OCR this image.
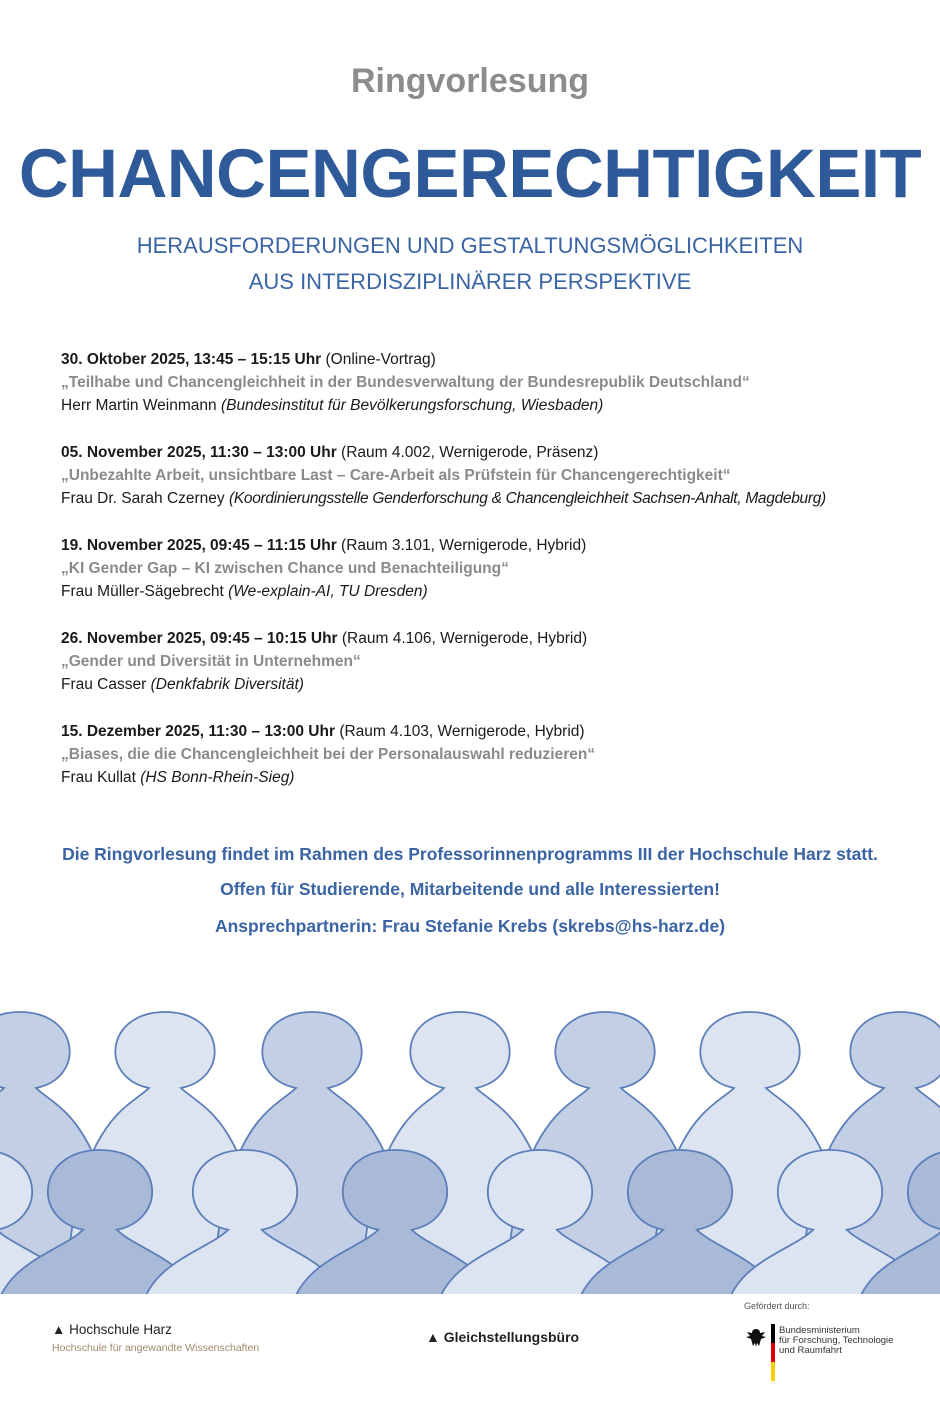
Ringvorlesung
CHANCENGERECHTIGKEIT
HERAUSFORDERUNGEN UND GESTALTUNGSMÖGLICHKEITEN
AUS INTERDISZIPLINÄRER PERSPEKTIVE
30. Oktober 2025, 13:45 – 15:15 Uhr (Online-Vortrag)
„Teilhabe und Chancengleichheit in der Bundesverwaltung der Bundesrepublik Deutschland“
Herr Martin Weinmann (Bundesinstitut für Bevölkerungsforschung, Wiesbaden)
05. November 2025, 11:30 – 13:00 Uhr (Raum 4.002, Wernigerode, Präsenz)
„Unbezahlte Arbeit, unsichtbare Last – Care-Arbeit als Prüfstein für Chancengerechtigkeit“
Frau Dr. Sarah Czerney (Koordinierungsstelle Genderforschung & Chancengleichheit Sachsen-Anhalt, Magdeburg)
19. November 2025, 09:45 – 11:15 Uhr (Raum 3.101, Wernigerode, Hybrid)
„KI Gender Gap – KI zwischen Chance und Benachteiligung“
Frau Müller-Sägebrecht (We-explain-AI, TU Dresden)
26. November 2025, 09:45 – 10:15 Uhr (Raum 4.106, Wernigerode, Hybrid)
„Gender und Diversität in Unternehmen“
Frau Casser (Denkfabrik Diversität)
15. Dezember 2025, 11:30 – 13:00 Uhr (Raum 4.103, Wernigerode, Hybrid)
„Biases, die die Chancengleichheit bei der Personalauswahl reduzieren“
Frau Kullat (HS Bonn-Rhein-Sieg)
Die Ringvorlesung findet im Rahmen des Professorinnenprogramms III der Hochschule Harz statt.
Offen für Studierende, Mitarbeitende und alle Interessierten!
Ansprechpartnerin: Frau Stefanie Krebs (skrebs@hs-harz.de)
▲ Hochschule Harz
Hochschule für angewandte Wissenschaften
▲ Gleichstellungsbüro
Gefördert durch:
Bundesministerium
für Forschung, Technologie
und Raumfahrt
